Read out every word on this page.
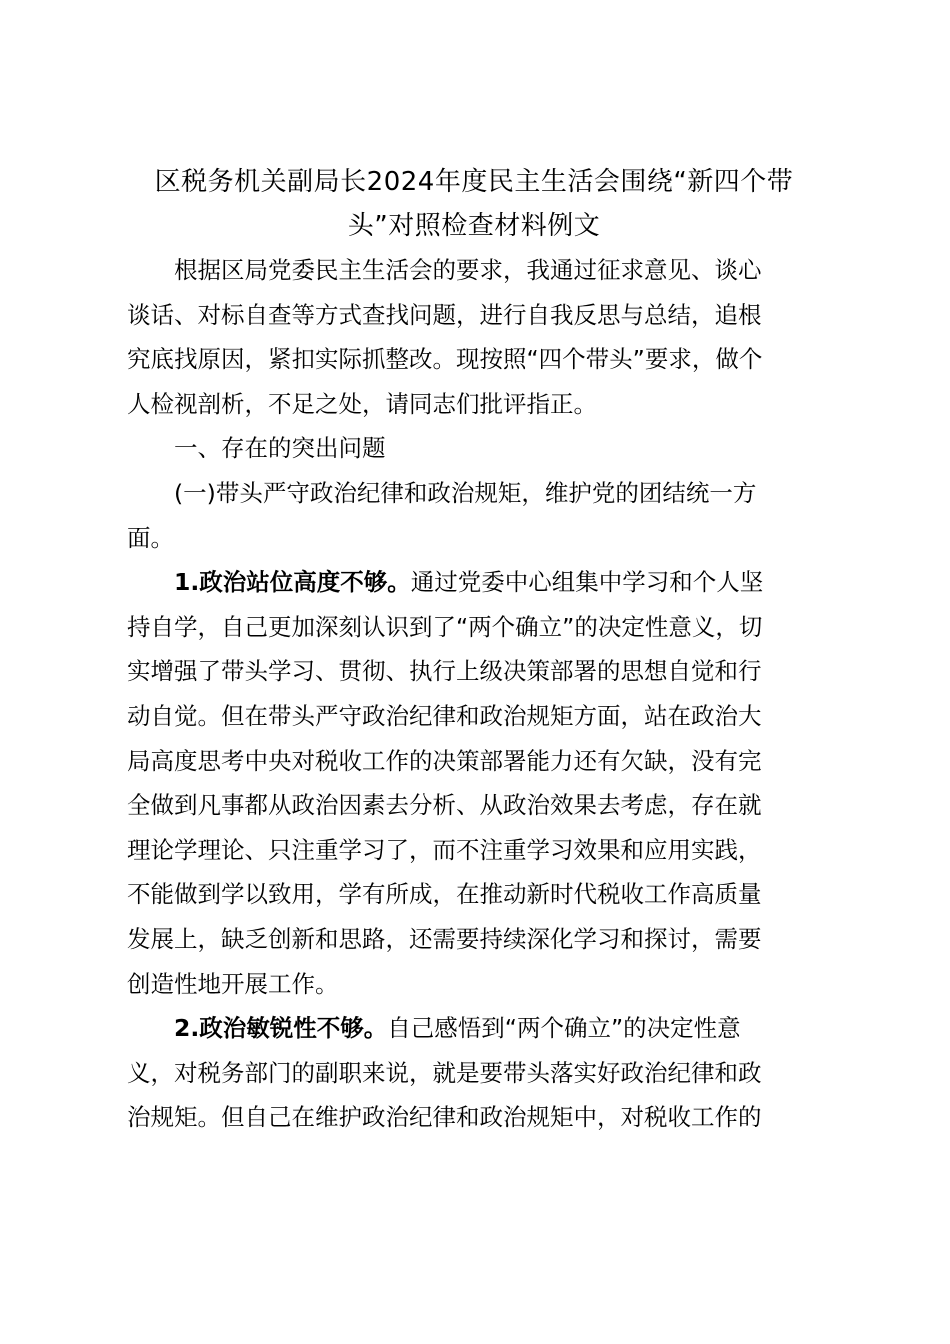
区税务机关副局长2024年度民主生活会围绕“新四个带
头”对照检查材料例文

根据区局党委民主生活会的要求，我通过征求意见、谈心
谈话、对标自查等方式查找问题，进行自我反思与总结，追根
究底找原因，紧扣实际抓整改。现按照“四个带头”要求，做个
人检视剖析，不足之处，请同志们批评指正。

一、存在的突出问题

(一)带头严守政治纪律和政治规矩，维护党的团结统一方
面。

1.政治站位高度不够。通过党委中心组集中学习和个人坚
持自学，自己更加深刻认识到了“两个确立”的决定性意义，切
实增强了带头学习、贯彻、执行上级决策部署的思想自觉和行
动自觉。但在带头严守政治纪律和政治规矩方面，站在政治大
局高度思考中央对税收工作的决策部署能力还有欠缺，没有完
全做到凡事都从政治因素去分析、从政治效果去考虑，存在就
理论学理论、只注重学习了，而不注重学习效果和应用实践，
不能做到学以致用，学有所成，在推动新时代税收工作高质量
发展上，缺乏创新和思路，还需要持续深化学习和探讨，需要
创造性地开展工作。

2.政治敏锐性不够。自己感悟到“两个确立”的决定性意
义，对税务部门的副职来说，就是要带头落实好政治纪律和政
治规矩。但自己在维护政治纪律和政治规矩中，对税收工作的
